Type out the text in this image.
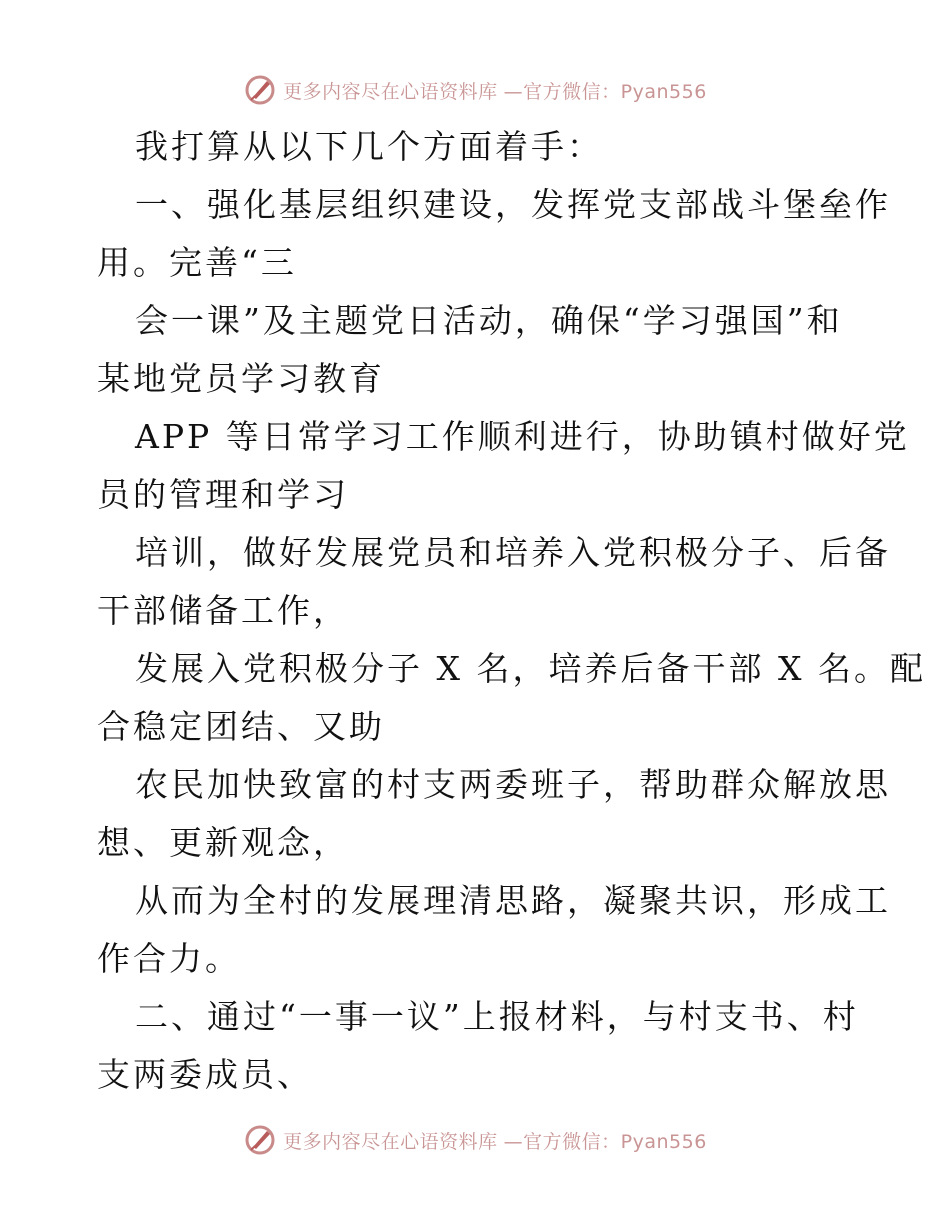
更多内容尽在心语资料库 —官方微信：Pyan556
我打算从以下几个方面着手：
一、强化基层组织建设，发挥党支部战斗堡垒作
用。完善“三
会一课”及主题党日活动，确保“学习强国”和
某地党员学习教育
APP 等日常学习工作顺利进行，协助镇村做好党
员的管理和学习
培训，做好发展党员和培养入党积极分子、后备
干部储备工作，
发展入党积极分子 X 名，培养后备干部 X 名。配
合稳定团结、又助
农民加快致富的村支两委班子，帮助群众解放思
想、更新观念，
从而为全村的发展理清思路，凝聚共识，形成工
作合力。
二、通过“一事一议”上报材料，与村支书、村
支两委成员、
更多内容尽在心语资料库 —官方微信：Pyan556
